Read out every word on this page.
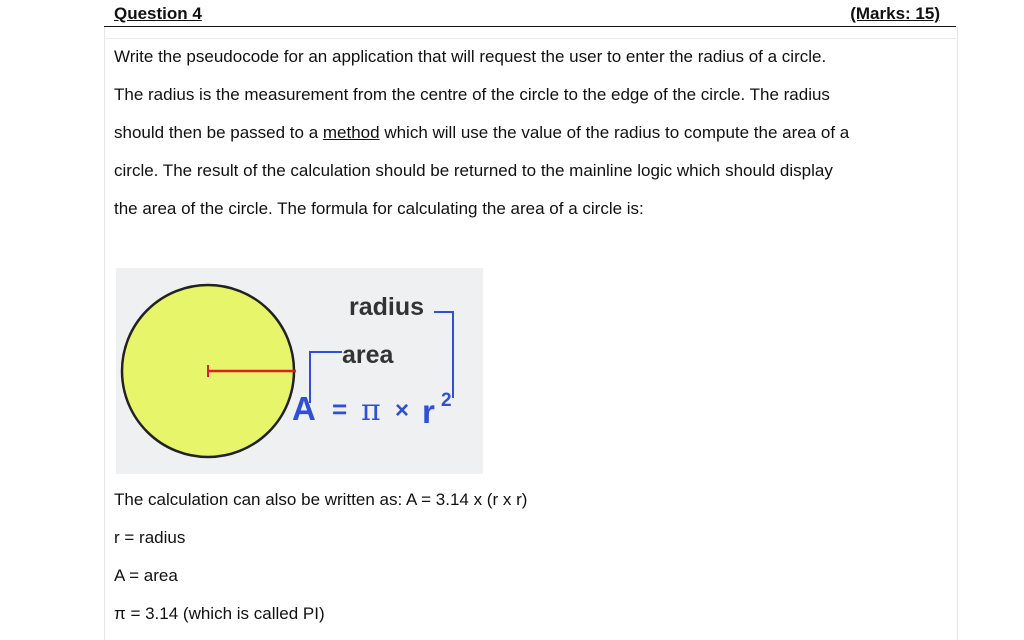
Question 4	(Marks: 15)
Write the pseudocode for an application that will request the user to enter the radius of a circle.
The radius is the measurement from the centre of the circle to the edge of the circle. The radius
should then be passed to a method which will use the value of the radius to compute the area of a
circle. The result of the calculation should be returned to the mainline logic which should display
the area of the circle. The formula for calculating the area of a circle is:
radius
area
A = π × r 2
The calculation can also be written as: A = 3.14 x (r x r)
r = radius
A = area
π = 3.14 (which is called PI)
